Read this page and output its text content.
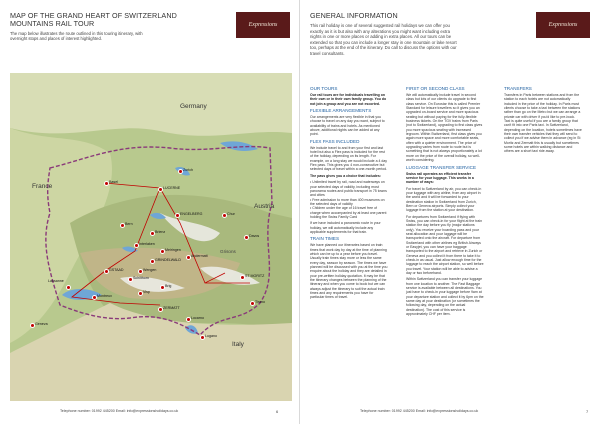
MAP OF THE GRAND HEART OF SWITZERLAND
MOUNTAINS RAIL TOUR
The map below illustrates the route outlined in this touring itinerary, with
overnight stops and places of interest highlighted.
Expressions
Germany
France
Austria
Italy
Basel
Zurich
LUCERNE
Bern
Brienz
Davos
Interlaken
ENGELBERG
Meiringen
GRINDELWALD
Wengen
Schilthorn	ST MORITZ
Andermatt
GSTAAD
Lausanne
Geneva
Montreux
ZERMATT
Lugano
Locarno
Chur
Visp
Brig
Tirano
Grisons
Telephone number: 01992 445200 Email: info@expressionsholidays.co.uk	6
GENERAL INFORMATION
This rail holiday is one of several suggested rail holidays we can offer you
exactly as it is but also with any alterations you might want including extra
nights in one or more places or adding in extra places. All our tours can be
extended so that you can include a longer stay in one mountain or lake resort
too, perhaps at the end of the itinerary. Do call to discuss the options with our
travel consultants.
Expressions
OUR TOURS
Our rail tours are for individuals travelling on their own or in their own family group. You do not join a group and you are not escorted.
FLEXIBLE ARRANGEMENTS
Our arrangements are very flexible in that you choose to travel on any day you want, subject to availability of trains and hotels. As mentioned above, additional nights can be added at any point.
FLEX PASS INCLUDED
We include travel to and from your first and last hotel but also a Flex pass is included for the rest of the holiday, depending on its length. For example, on a long stay we would include a 4 day Flex pass. This gives you 4 non-consecutive but selected days of travel within a one-month period.
The pass gives you a choice that includes:
• Unlimited travel by rail, road and waterways on your selected days of validity, including most panorama routes and public transport in 75 towns and cities
• Free admission to more than 400 museums on the selected days of validity
• Children under the age of 16 travel free of charge when accompanied by at least one parent holding the Swiss Family Card
If we have included a panoramic route in your holiday, we will automatically include any applicable supplements for that train.
TRAIN TIMES
We have planned our itineraries based on train times that work day by day at the time of planning which can be up to a year before you travel. Usually train times stay more or less the same every day, season by season. The times we have planned will be discussed with you at the time you enquire about the holiday and they are detailed in your pre-written holiday quotation. It may be that the itinerary changes between the planning of the itinerary and when you come to book but we can always adjust the itinerary to suit the actual train times and any requirements you have for particular times of travel.
FIRST OR SECOND CLASS
We will automatically include travel in second class but lots of our clients do upgrade to first class service. On Eurostar this is called Premier Standard for leisure travellers so it gives you an upgraded on-board service and more spacious seating but without paying for the fully-flexible business tickets. On the TGV trains from Paris (not to Switzerland), upgrading to first class gives you more spacious seating with increased legroom. Within Switzerland, first class gives you again more space and more comfortable seats, often with a quieter environment. The price of upgrading varies from route to route but is something that is not always proportionately a lot more on the price of the overall holiday, so well-worth considering.
LUGGAGE TRANSFER SERVICE
Swiss rail operates an efficient transfer service for your luggage. This works in a number of ways:
For travel to Switzerland by air, you can check-in your luggage with any airline, from any airport in the world and it will be forwarded to your destination station in Switzerland from Zurich, Bern or Geneva airports. Simply collect your luggage from the station at your destination.
For departures from Switzerland if flying with Swiss, you can check-in for your flight at the train station the day before you fly (major stations only). You receive your boarding pass and your seat allocation and your luggage will be transported onto the aircraft. For departure from Switzerland with other airlines eg British Airways or Easyjet, you can have your baggage transported to the airport and retrieve in Zurich or Geneva and you collect it from there to take it to check-in as usual. Just allow enough time for the luggage to reach the airport station, so well before you travel. Your station will be able to advise a day or two beforehand.
Within Switzerland you can transfer your luggage from one location to another. The Fast Baggage service is available between all destinations. You just have to check-in your luggage before 9am at your departure station and collect it by 6pm on the same day at your destination (or sometimes the following day, depending on the actual destination). The cost of this service is approximately CHF per item.
TRANSFERS
Transfers in Paris between stations and from the station to each hotels are not automatically included in the price of the holiday. In Paris most clients choose to take a taxi between the stations rather than go on the Metro but we can arrange a private car with driver if you'd like to pre-book. Taxi is quite useful if you are a family group that can't fit into one Paris taxi. In Switzerland, depending on the location, hotels sometimes have their own transfer vehicles that they will send to collect you if we advise them in advance (eg in St Moritz and Zermatt this is usually but sometimes some hotels are within walking distance and others are a short taxi ride away.
Telephone number: 01992 445200 Email: info@expressionsholidays.co.uk	7
